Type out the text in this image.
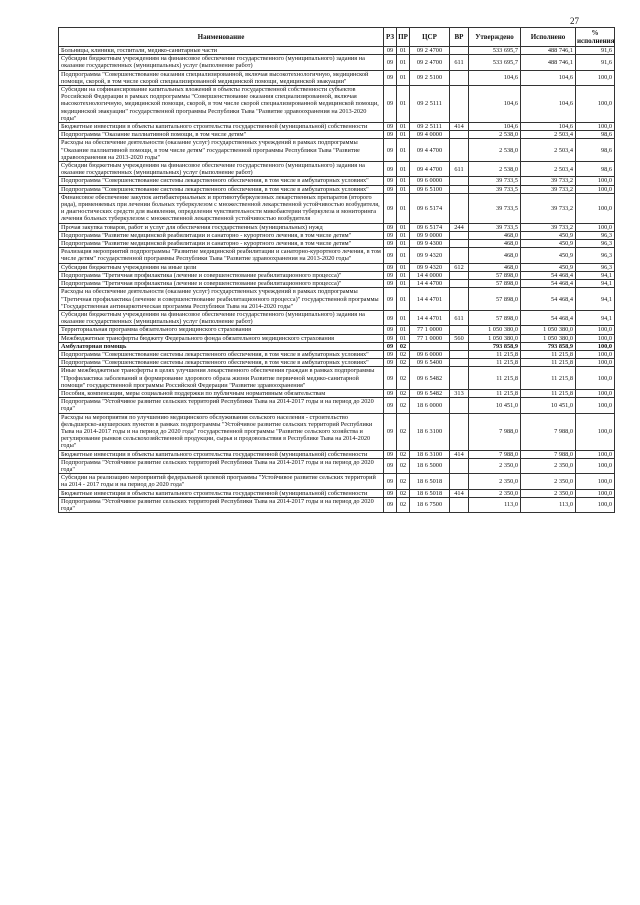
27
Наименование	РЗ	ПР	ЦСР	ВР	Утверждено	Исполнено	% исполнения
Больницы, клиники, госпитали, медико-санитарные части	09	01	09 2 4700		533 695,7	488 746,1	91,6
Субсидии бюджетным учреждениям на финансовое обеспечение государственного (муниципального) задания на оказание государственных (муниципальных) услуг (выполнение работ)	09	01	09 2 4700	611	533 695,7	488 746,1	91,6
Подпрограмма "Совершенствование оказания специализированной, включая высокотехнологичную, медицинской помощи, скорой, в том числе скорой специализированной медицинской помощи, медицинской эвакуации"	09	01	09 2 5100		104,6	104,6	100,0
Субсидии на софинансирование капитальных вложений в объекты государственной собственности субъектов Российской Федерации в рамках подпрограммы "Совершенствование оказания специализированной, включая высокотехнологичную, медицинской помощи, скорой, в том числе скорой специализированной медицинской помощи, медицинской эвакуации" государственной программы Республики Тыва "Развитие здравоохранения на 2013-2020 годы"	09	01	09 2 5111		104,6	104,6	100,0
Бюджетные инвестиции в объекты капитального строительства государственной (муниципальной) собственности	09	01	09 2 5111	414	104,6	104,6	100,0
Подпрограмма "Оказание паллиативной помощи, в том числе детям"	09	01	09 4 0000		2 538,0	2 503,4	98,6
Расходы на обеспечение деятельности (оказание услуг) государственных учреждений в рамках подпрограммы "Оказание паллиативной помощи, в том числе детям" государственной программы Республики Тыва "Развитие здравоохранения на 2013-2020 годы"	09	01	09 4 4700		2 538,0	2 503,4	98,6
Субсидии бюджетным учреждениям на финансовое обеспечение государственного (муниципального) задания на оказание государственных (муниципальных) услуг (выполнение работ)	09	01	09 4 4700	611	2 538,0	2 503,4	98,6
Подпрограмма "Совершенствование системы лекарственного обеспечения, в том числе в амбулаторных условиях"	09	01	09 6 0000		39 733,5	39 733,2	100,0
Подпрограмма "Совершенствование системы лекарственного обеспечения, в том числе в амбулаторных условиях"	09	01	09 6 5100		39 733,5	39 733,2	100,0
Финансовое обеспечение закупок антибактериальных и противотуберкулезных лекарственных препаратов (второго ряда), применяемых при лечении больных туберкулезом с множественной лекарственной устойчивостью возбудителя, и диагностических средств для выявления, определения чувствительности микобактерии туберкулеза и мониторинга лечения больных туберкулезом с множественной лекарственной устойчивостью возбудителя	09	01	09 6 5174		39 733,5	39 733,2	100,0
Прочая закупка товаров, работ и услуг для обеспечения государственных (муниципальных) нужд	09	01	09 6 5174	244	39 733,5	39 733,2	100,0
Подпрограмма "Развитие медицинской реабилитации и санаторно - курортного лечения, в том числе детям"	09	01	09 9 0000		468,0	450,9	96,3
Подпрограмма "Развитие медицинской реабилитации и санаторно - курортного лечения, в том числе детям"	09	01	09 9 4300		468,0	450,9	96,3
Реализация мероприятий подпрограммы "Развитие медицинской реабилитации и санаторно-курортного лечения, в том числе детям" государственной программы Республики Тыва "Развитие здравоохранения на 2013-2020 годы"	09	01	09 9 4320		468,0	450,9	96,3
Субсидии бюджетным учреждениям на иные цели	09	01	09 9 4320	612	468,0	450,9	96,3
Подпрограмма "Третичная профилактика (лечение и совершенствование реабилитационного процесса)"	09	01	14 4 0000		57 898,0	54 468,4	94,1
Подпрограмма "Третичная профилактика (лечение и совершенствование реабилитационного процесса)"	09	01	14 4 4700		57 898,0	54 468,4	94,1
Расходы на обеспечение деятельности (оказание услуг) государственных учреждений в рамках подпрограммы "Третичная профилактика (лечение и совершенствование реабилитационного процесса)" государственной программы "Государственная антинаркотическая программа Республики Тыва на 2014-2020 годы"	09	01	14 4 4701		57 898,0	54 468,4	94,1
Субсидии бюджетным учреждениям на финансовое обеспечение государственного (муниципального) задания на оказание государственных (муниципальных) услуг (выполнение работ)	09	01	14 4 4701	611	57 898,0	54 468,4	94,1
Территориальная программа обязательного медицинского страхования	09	01	77 1 0000		1 050 380,0	1 050 380,0	100,0
Межбюджетные трансферты бюджету Федерального фонда обязательного медицинского страхования	09	01	77 1 0000	560	1 050 380,0	1 050 380,0	100,0
Амбулаторная помощь	09	02			793 858,9	793 858,9	100,0
Подпрограмма "Совершенствование системы лекарственного обеспечения, в том числе в амбулаторных условиях"	09	02	09 6 0000		11 215,8	11 215,8	100,0
Подпрограмма "Совершенствование системы лекарственного обеспечения, в том числе в амбулаторных условиях"	09	02	09 6 5400		11 215,8	11 215,8	100,0
Иные межбюджетные трансферты в целях улучшения лекарственного обеспечения граждан в рамках подпрограммы "Профилактика заболеваний и формирование здорового образа жизни Развитие первичной медико-санитарной помощи" государственной программы Российской Федерации "Развитие здравоохранения"	09	02	09 6 5482		11 215,8	11 215,8	100,0
Пособия, компенсации, меры социальной поддержки по публичным нормативным обязательствам	09	02	09 6 5482	313	11 215,8	11 215,8	100,0
Подпрограмма "Устойчивое развитие сельских территорий Республики Тыва на 2014-2017 годы и на период до 2020 года"	09	02	18 6 0000		10 451,0	10 451,0	100,0
Расходы на мероприятия по улучшению медицинского обслуживания сельского населения - строительство фельдшерско-акушерских пунктов в рамках подпрограммы "Устойчивое развитие сельских территорий Республики Тыва на 2014-2017 годы и на период до 2020 года" государственной программы "Развитие сельского хозяйства и регулирование рынков сельскохозяйственной продукции, сырья и продовольствия в Республике Тыва на 2014-2020 годы"	09	02	18 6 3100		7 988,0	7 988,0	100,0
Бюджетные инвестиции в объекты капитального строительства государственной (муниципальной) собственности	09	02	18 6 3100	414	7 988,0	7 988,0	100,0
Подпрограмма "Устойчивое развитие сельских территорий Республики Тыва на 2014-2017 годы и на период до 2020 года"	09	02	18 6 5000		2 350,0	2 350,0	100,0
Субсидии на реализацию мероприятий федеральной целевой программы "Устойчивое развитие сельских территорий на 2014 - 2017 годы и на период до 2020 года"	09	02	18 6 5018		2 350,0	2 350,0	100,0
Бюджетные инвестиции в объекты капитального строительства государственной (муниципальной) собственности	09	02	18 6 5018	414	2 350,0	2 350,0	100,0
Подпрограмма "Устойчивое развитие сельских территорий Республики Тыва на 2014-2017 годы и на период до 2020 года"	09	02	18 6 7500		113,0	113,0	100,0
